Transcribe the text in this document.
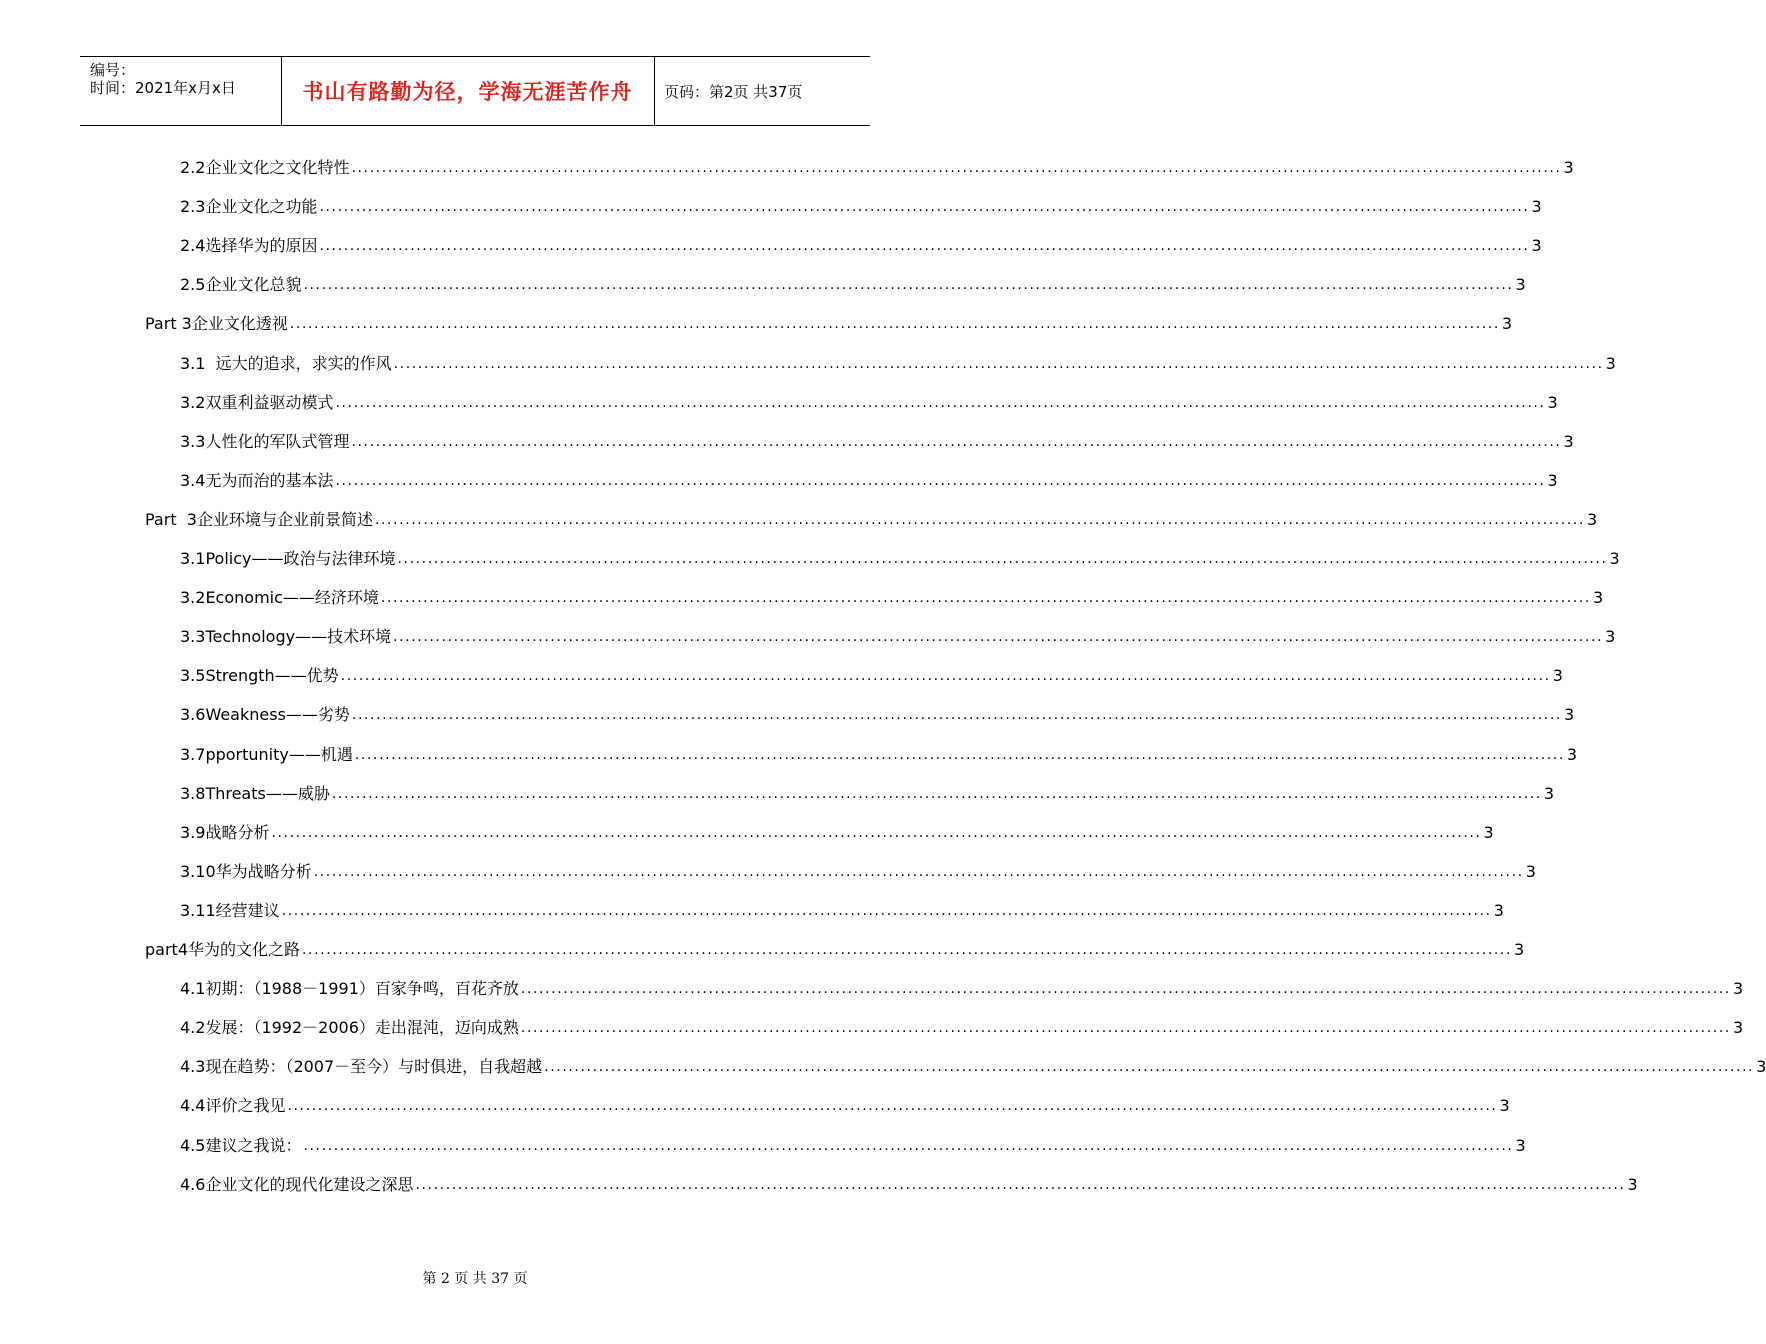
编号：
时间：2021年x月x日	书山有路勤为径，学海无涯苦作舟 页码：第2页 共37页
2.2企业文化之文化特性 ........................................................................................................................................................................................................ 3
2.3企业文化之功能 ........................................................................................................................................................................................................ 3
2.4选择华为的原因 ........................................................................................................................................................................................................ 3
2.5企业文化总貌 ........................................................................................................................................................................................................ 3
Part 3企业文化透视 ........................................................................................................................................................................................................ 3
3.1  远大的追求，求实的作风 ........................................................................................................................................................................................................ 3
3.2双重利益驱动模式 ........................................................................................................................................................................................................ 3
3.3人性化的军队式管理 ........................................................................................................................................................................................................ 3
3.4无为而治的基本法 ........................................................................................................................................................................................................ 3
Part  3企业环境与企业前景简述 ........................................................................................................................................................................................................ 3
3.1Policy——政治与法律环境 ........................................................................................................................................................................................................ 3
3.2Economic——经济环境 ........................................................................................................................................................................................................ 3
3.3Technology——技术环境 ........................................................................................................................................................................................................ 3
3.5Strength——优势 ........................................................................................................................................................................................................ 3
3.6Weakness——劣势 ........................................................................................................................................................................................................ 3
3.7pportunity——机遇 ........................................................................................................................................................................................................ 3
3.8Threats——威胁 ........................................................................................................................................................................................................ 3
3.9战略分析 ........................................................................................................................................................................................................ 3
3.10华为战略分析 ........................................................................................................................................................................................................ 3
3.11经营建议 ........................................................................................................................................................................................................ 3
part4华为的文化之路 ........................................................................................................................................................................................................ 3
4.1初期：（1988－1991）百家争鸣，百花齐放 ........................................................................................................................................................................................................ 3
4.2发展：（1992－2006）走出混沌，迈向成熟 ........................................................................................................................................................................................................ 3
4.3现在趋势：（2007－至今）与时俱进，自我超越 ........................................................................................................................................................................................................ 3
4.4评价之我见 ........................................................................................................................................................................................................ 3
4.5建议之我说： ........................................................................................................................................................................................................ 3
4.6企业文化的现代化建设之深思 ........................................................................................................................................................................................................ 3
第 2 页 共 37 页
